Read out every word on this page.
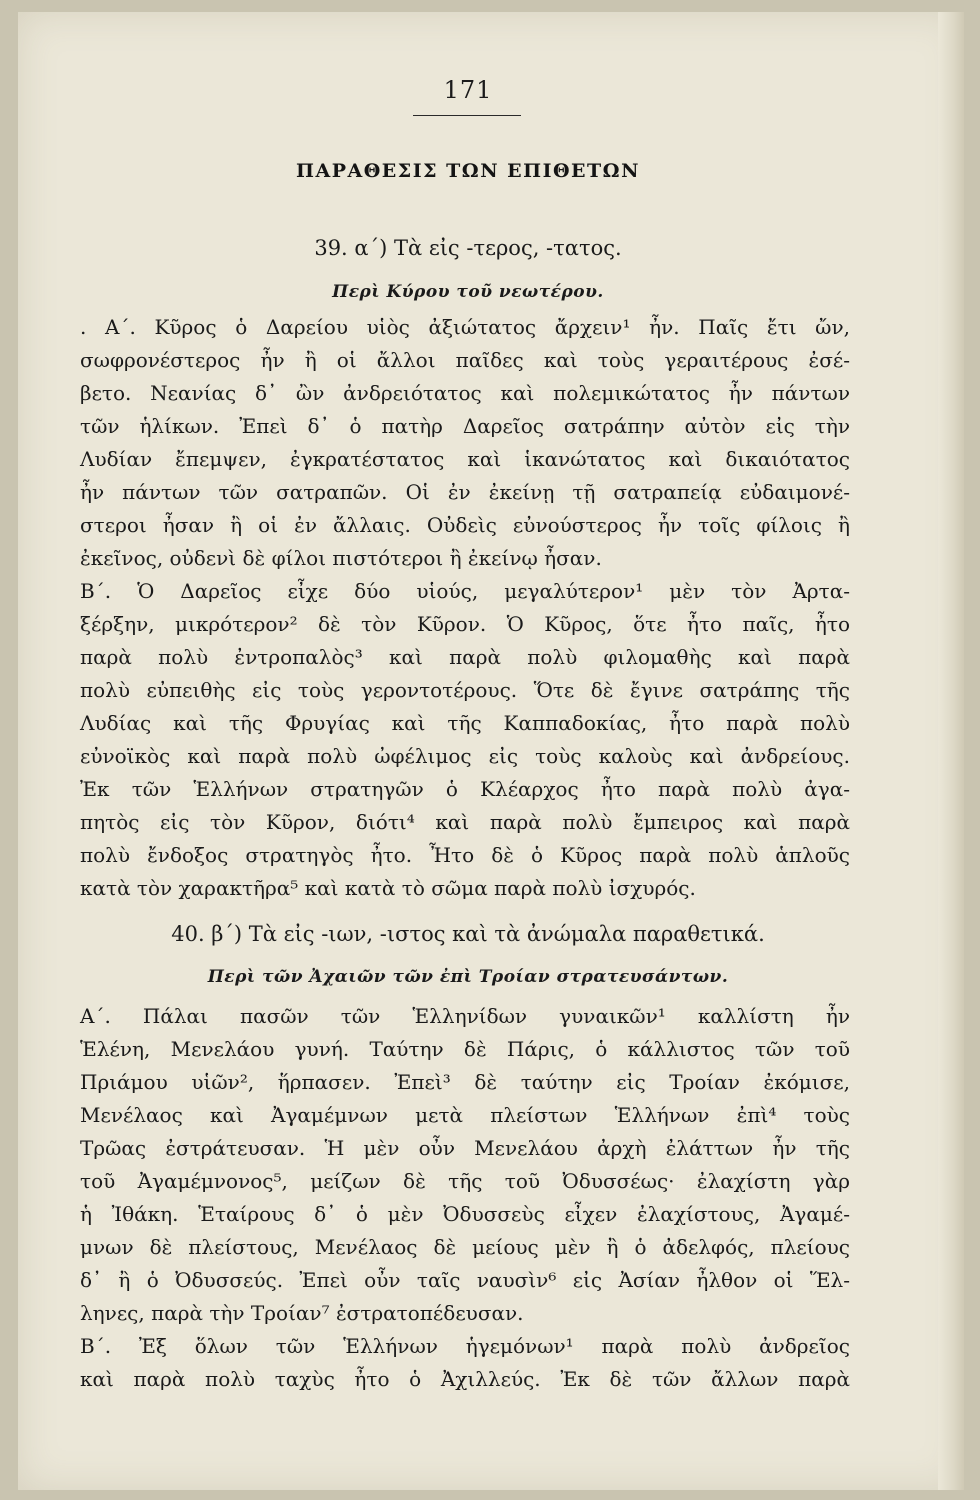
171
ΠΑΡΑΘΕΣΙΣ ΤΩΝ ΕΠΙΘΕΤΩΝ
39. α΄) Τὰ εἰς -τερος, -τατος.
Περὶ Κύρου τοῦ νεωτέρου.
. Α΄. Κῦρος ὁ Δαρείου υἱὸς ἀξιώτατος ἄρχειν¹ ἦν. Παῖς ἔτι ὤν,
σωφρονέστερος ἦν ἢ οἱ ἄλλοι παῖδες καὶ τοὺς γεραιτέρους ἐσέ-
βετο. Νεανίας δ᾿ ὢν ἀνδρειότατος καὶ πολεμικώτατος ἦν πάντων
τῶν ἡλίκων. Ἐπεὶ δ᾿ ὁ πατὴρ Δαρεῖος σατράπην αὐτὸν εἰς τὴν
Λυδίαν ἔπεμψεν, ἐγκρατέστατος καὶ ἱκανώτατος καὶ δικαιότατος
ἦν πάντων τῶν σατραπῶν. Οἱ ἐν ἐκείνῃ τῇ σατραπείᾳ εὐδαιμονέ-
στεροι ἦσαν ἢ οἱ ἐν ἄλλαις. Οὐδεὶς εὐνούστερος ἦν τοῖς φίλοις ἢ
ἐκεῖνος, οὐδενὶ δὲ φίλοι πιστότεροι ἢ ἐκείνῳ ἦσαν.
Β΄. Ὁ Δαρεῖος εἶχε δύο υἱούς, μεγαλύτερον¹ μὲν τὸν Ἀρτα-
ξέρξην, μικρότερον² δὲ τὸν Κῦρον. Ὁ Κῦρος, ὅτε ἦτο παῖς, ἦτο
παρὰ πολὺ ἐντροπαλὸς³ καὶ παρὰ πολὺ φιλομαθὴς καὶ παρὰ
πολὺ εὐπειθὴς εἰς τοὺς γεροντοτέρους. Ὅτε δὲ ἔγινε σατράπης τῆς
Λυδίας καὶ τῆς Φρυγίας καὶ τῆς Καππαδοκίας, ἦτο παρὰ πολὺ
εὐνοϊκὸς καὶ παρὰ πολὺ ὠφέλιμος εἰς τοὺς καλοὺς καὶ ἀνδρείους.
Ἐκ τῶν Ἑλλήνων στρατηγῶν ὁ Κλέαρχος ἦτο παρὰ πολὺ ἀγα-
πητὸς εἰς τὸν Κῦρον, διότι⁴ καὶ παρὰ πολὺ ἔμπειρος καὶ παρὰ
πολὺ ἔνδοξος στρατηγὸς ἦτο. Ἦτο δὲ ὁ Κῦρος παρὰ πολὺ ἁπλοῦς
κατὰ τὸν χαρακτῆρα⁵ καὶ κατὰ τὸ σῶμα παρὰ πολὺ ἰσχυρός.
40. β΄) Τὰ εἰς -ιων, -ιστος καὶ τὰ ἀνώμαλα παραθετικά.
Περὶ τῶν Ἀχαιῶν τῶν ἐπὶ Τροίαν στρατευσάντων.
Α΄. Πάλαι πασῶν τῶν Ἑλληνίδων γυναικῶν¹ καλλίστη ἦν
Ἑλένη, Μενελάου γυνή. Ταύτην δὲ Πάρις, ὁ κάλλιστος τῶν τοῦ
Πριάμου υἱῶν², ἥρπασεν. Ἐπεὶ³ δὲ ταύτην εἰς Τροίαν ἐκόμισε,
Μενέλαος καὶ Ἀγαμέμνων μετὰ πλείστων Ἑλλήνων ἐπὶ⁴ τοὺς
Τρῶας ἐστράτευσαν. Ἡ μὲν οὖν Μενελάου ἀρχὴ ἐλάττων ἦν τῆς
τοῦ Ἀγαμέμνονος⁵, μείζων δὲ τῆς τοῦ Ὀδυσσέως· ἐλαχίστη γὰρ
ἡ Ἰθάκη. Ἑταίρους δ᾿ ὁ μὲν Ὀδυσσεὺς εἶχεν ἐλαχίστους, Ἀγαμέ-
μνων δὲ πλείστους, Μενέλαος δὲ μείους μὲν ἢ ὁ ἀδελφός, πλείους
δ᾿ ἢ ὁ Ὀδυσσεύς. Ἐπεὶ οὖν ταῖς ναυσὶν⁶ εἰς Ἀσίαν ἦλθον οἱ Ἕλ-
ληνες, παρὰ τὴν Τροίαν⁷ ἐστρατοπέδευσαν.
Β΄. Ἐξ ὅλων τῶν Ἑλλήνων ἡγεμόνων¹ παρὰ πολὺ ἀνδρεῖος
καὶ παρὰ πολὺ ταχὺς ἦτο ὁ Ἀχιλλεύς. Ἐκ δὲ τῶν ἄλλων παρὰ
